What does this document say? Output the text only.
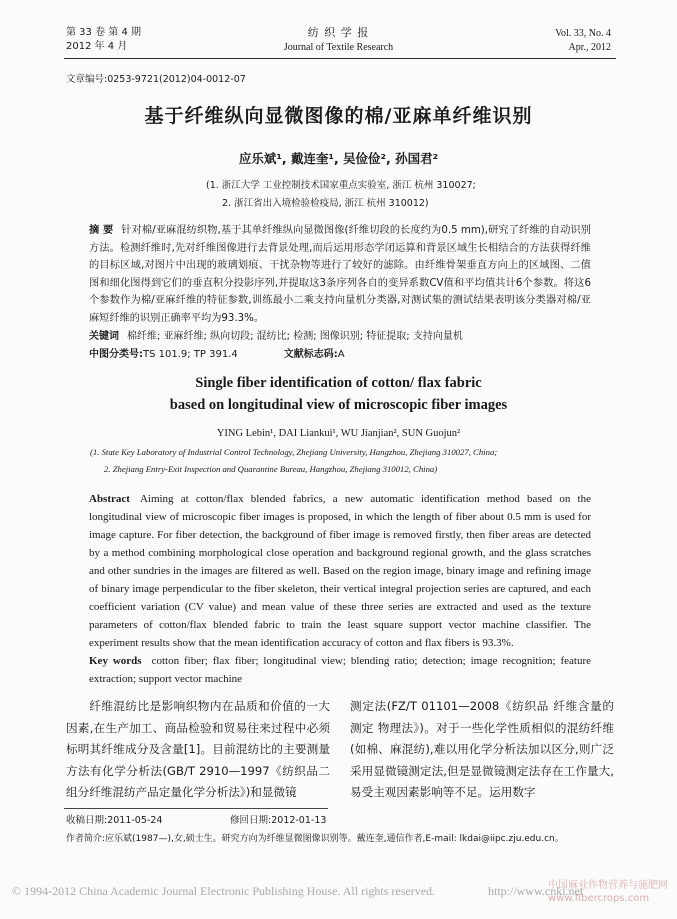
第 33 卷 第 4 期
2012 年 4 月
纺 织 学 报
Journal of Textile Research
Vol. 33, No. 4
Apr., 2012
文章编号:0253-9721(2012)04-0012-07
基于纤维纵向显微图像的棉/亚麻单纤维识别
应乐斌¹, 戴连奎¹, 吴俭俭², 孙国君²
(1. 浙江大学 工业控制技术国家重点实验室, 浙江 杭州 310027;
2. 浙江省出入境检验检疫局, 浙江 杭州 310012)
摘 要 针对棉/亚麻混纺织物,基于其单纤维纵向显微图像(纤维切段的长度约为0.5 mm),研究了纤维的自动识别方法。检测纤维时,先对纤维图像进行去背景处理,而后运用形态学闭运算和背景区域生长相结合的方法获得纤维的目标区域,对图片中出现的玻璃划痕、干扰杂物等进行了较好的滤除。由纤维骨架垂直方向上的区域图、二值图和细化图得到它们的垂直积分投影序列,并提取这3条序列各自的变异系数CV值和平均值共计6个参数。将这6个参数作为棉/亚麻纤维的特征参数,训练最小二乘支持向量机分类器,对测试集的测试结果表明该分类器对棉/亚麻短纤维的识别正确率平均为93.3%。
关键词 棉纤维; 亚麻纤维; 纵向切段; 混纺比; 检测; 图像识别; 特征提取; 支持向量机
中图分类号:TS 101.9; TP 391.4	文献标志码:A
Single fiber identification of cotton/ flax fabric
based on longitudinal view of microscopic fiber images
YING Lebin¹, DAI Liankui¹, WU Jianjian², SUN Guojun²
(1. State Key Laboratory of Industrial Control Technology, Zhejiang University, Hangzhou, Zhejiang 310027, China;
2. Zhejiang Entry-Exit Inspection and Quarantine Bureau, Hangzhou, Zhejiang 310012, China)
Abstract Aiming at cotton/flax blended fabrics, a new automatic identification method based on the longitudinal view of microscopic fiber images is proposed, in which the length of fiber about 0.5 mm is used for image capture. For fiber detection, the background of fiber image is removed firstly, then fiber areas are detected by a method combining morphological close operation and background regional growth, and the glass scratches and other sundries in the images are filtered as well. Based on the region image, binary image and refining image of binary image perpendicular to the fiber skeleton, their vertical integral projection series are captured, and each coefficient variation (CV value) and mean value of these three series are extracted and used as the texture parameters of cotton/flax blended fabric to train the least square support vector machine classifier. The experiment results show that the mean identification accuracy of cotton and flax fibers is 93.3%.
Key words cotton fiber; flax fiber; longitudinal view; blending ratio; detection; image recognition; feature extraction; support vector machine
纤维混纺比是影响织物内在品质和价值的一大因素,在生产加工、商品检验和贸易往来过程中必须标明其纤维成分及含量[1]。目前混纺比的主要测量方法有化学分析法(GB/T 2910—1997《纺织品二组分纤维混纺产品定量化学分析法》)和显微镜
测定法(FZ/T 01101—2008《纺织品 纤维含量的测定 物理法》)。对于一些化学性质相似的混纺纤维(如棉、麻混纺),难以用化学分析法加以区分,则广泛采用显微镜测定法,但是显微镜测定法存在工作量大,易受主观因素影响等不足。运用数字
收稿日期:2011-05-24	修回日期:2012-01-13
作者简介:应乐斌(1987—),女,硕士生。研究方向为纤维显微图像识别等。戴连奎,通信作者,E-mail: lkdai@iipc.zju.edu.cn。
© 1994-2012 China Academic Journal Electronic Publishing House. All rights reserved.	http://www.cnki.net
中国麻业作物营养与施肥网 www.fibercrops.com
